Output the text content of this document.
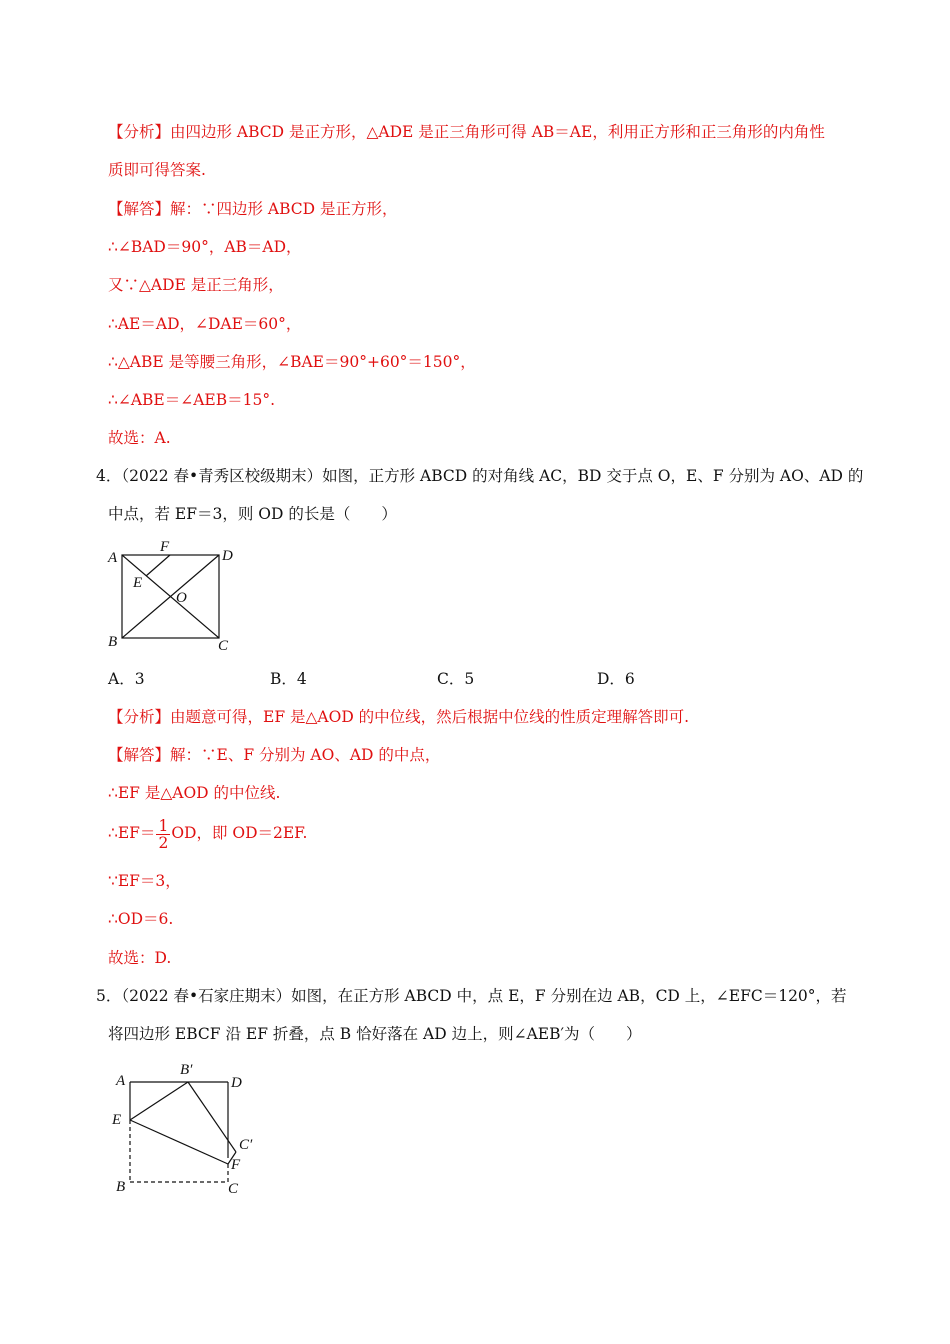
【分析】由四边形 ABCD 是正方形，△ADE 是正三角形可得 AB＝AE，利用正方形和正三角形的内角性
质即可得答案.
【解答】解：∵四边形 ABCD 是正方形，
∴∠BAD＝90°，AB＝AD，
又∵△ADE 是正三角形，
∴AE＝AD，∠DAE＝60°，
∴△ABE 是等腰三角形，∠BAE＝90°+60°＝150°，
∴∠ABE＝∠AEB＝15°.
故选：A.
4．（2022 春•青秀区校级期末）如图，正方形 ABCD 的对角线 AC，BD 交于点 O，E、F 分别为 AO、AD 的
中点，若 EF＝3，则 OD 的长是（　　）
A	D
F
E
O
B	C
A．3	B．4	C．5	D．6
【分析】由题意可得，EF 是△AOD 的中位线，然后根据中位线的性质定理解答即可.
【解答】解：∵E、F 分别为 AO、AD 的中点，
∴EF 是△AOD 的中位线.
∴EF＝ $\frac{1}{2}$ OD，即 OD＝2EF.
∵EF＝3，
∴OD＝6.
故选：D.
5．（2022 春•石家庄期末）如图，在正方形 ABCD 中，点 E，F 分别在边 AB，CD 上，∠EFC＝120°，若
将四边形 EBCF 沿 EF 折叠，点 B 恰好落在 AD 边上，则∠AEB′为（　　）
A
B′
D
E
C′
F
B	C
